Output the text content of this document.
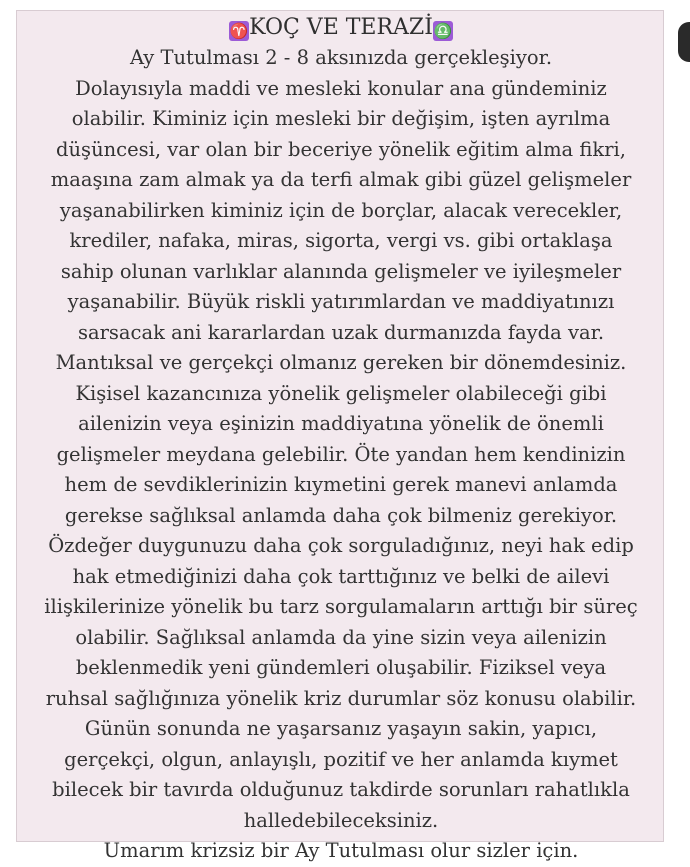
♈KOÇ VE TERAZİ♎
Ay Tutulması 2 - 8 aksınızda gerçekleşiyor.
Dolayısıyla maddi ve mesleki konular ana gündeminiz
olabilir. Kiminiz için mesleki bir değişim, işten ayrılma
düşüncesi, var olan bir beceriye yönelik eğitim alma fikri,
maaşına zam almak ya da terfi almak gibi güzel gelişmeler
yaşanabilirken kiminiz için de borçlar, alacak verecekler,
krediler, nafaka, miras, sigorta, vergi vs. gibi ortaklaşa
sahip olunan varlıklar alanında gelişmeler ve iyileşmeler
yaşanabilir. Büyük riskli yatırımlardan ve maddiyatınızı
sarsacak ani kararlardan uzak durmanızda fayda var.
Mantıksal ve gerçekçi olmanız gereken bir dönemdesiniz.
Kişisel kazancınıza yönelik gelişmeler olabileceği gibi
ailenizin veya eşinizin maddiyatına yönelik de önemli
gelişmeler meydana gelebilir. Öte yandan hem kendinizin
hem de sevdiklerinizin kıymetini gerek manevi anlamda
gerekse sağlıksal anlamda daha çok bilmeniz gerekiyor.
Özdeğer duygunuzu daha çok sorguladığınız, neyi hak edip
hak etmediğinizi daha çok tarttığınız ve belki de ailevi
ilişkilerinize yönelik bu tarz sorgulamaların arttığı bir süreç
olabilir. Sağlıksal anlamda da yine sizin veya ailenizin
beklenmedik yeni gündemleri oluşabilir. Fiziksel veya
ruhsal sağlığınıza yönelik kriz durumlar söz konusu olabilir.
Günün sonunda ne yaşarsanız yaşayın sakin, yapıcı,
gerçekçi, olgun, anlayışlı, pozitif ve her anlamda kıymet
bilecek bir tavırda olduğunuz takdirde sorunları rahatlıkla
halledebileceksiniz.
Umarım krizsiz bir Ay Tutulması olur sizler için.
